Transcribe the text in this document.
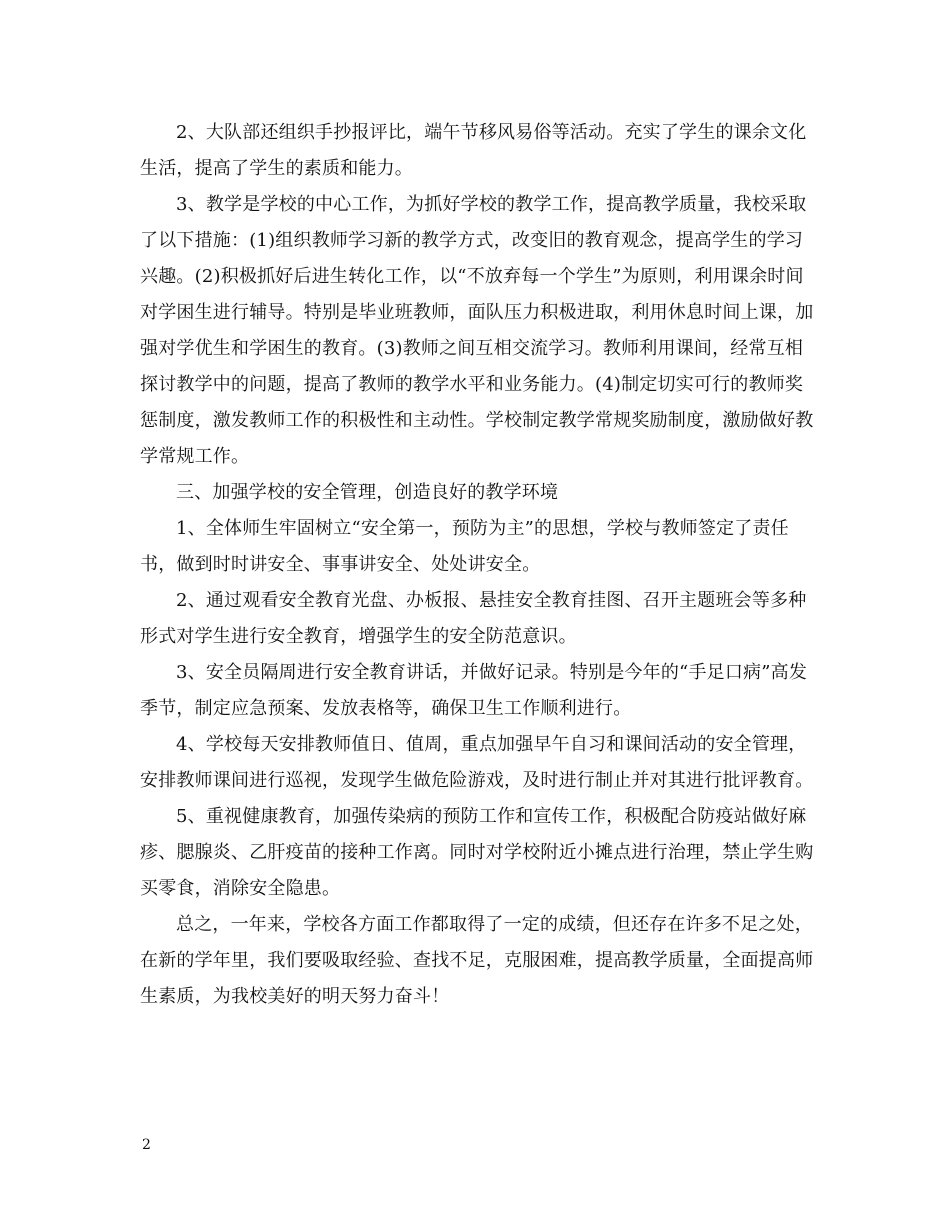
2、大队部还组织手抄报评比，端午节移风易俗等活动。充实了学生的课余文化生活，提高了学生的素质和能力。

3、教学是学校的中心工作，为抓好学校的教学工作，提高教学质量，我校采取了以下措施：(1)组织教师学习新的教学方式，改变旧的教育观念，提高学生的学习兴趣。(2)积极抓好后进生转化工作，以“不放弃每一个学生”为原则，利用课余时间对学困生进行辅导。特别是毕业班教师，面队压力积极进取，利用休息时间上课，加强对学优生和学困生的教育。(3)教师之间互相交流学习。教师利用课间，经常互相探讨教学中的问题，提高了教师的教学水平和业务能力。(4)制定切实可行的教师奖惩制度，激发教师工作的积极性和主动性。学校制定教学常规奖励制度，激励做好教学常规工作。

三、加强学校的安全管理，创造良好的教学环境

1、全体师生牢固树立“安全第一，预防为主”的思想，学校与教师签定了责任书，做到时时讲安全、事事讲安全、处处讲安全。

2、通过观看安全教育光盘、办板报、悬挂安全教育挂图、召开主题班会等多种形式对学生进行安全教育，增强学生的安全防范意识。

3、安全员隔周进行安全教育讲话，并做好记录。特别是今年的“手足口病”高发季节，制定应急预案、发放表格等，确保卫生工作顺利进行。

4、学校每天安排教师值日、值周，重点加强早午自习和课间活动的安全管理，安排教师课间进行巡视，发现学生做危险游戏，及时进行制止并对其进行批评教育。

5、重视健康教育，加强传染病的预防工作和宣传工作，积极配合防疫站做好麻疹、腮腺炎、乙肝疫苗的接种工作离。同时对学校附近小摊点进行治理，禁止学生购买零食，消除安全隐患。

总之，一年来，学校各方面工作都取得了一定的成绩，但还存在许多不足之处，在新的学年里，我们要吸取经验、查找不足，克服困难，提高教学质量，全面提高师生素质，为我校美好的明天努力奋斗！

2
